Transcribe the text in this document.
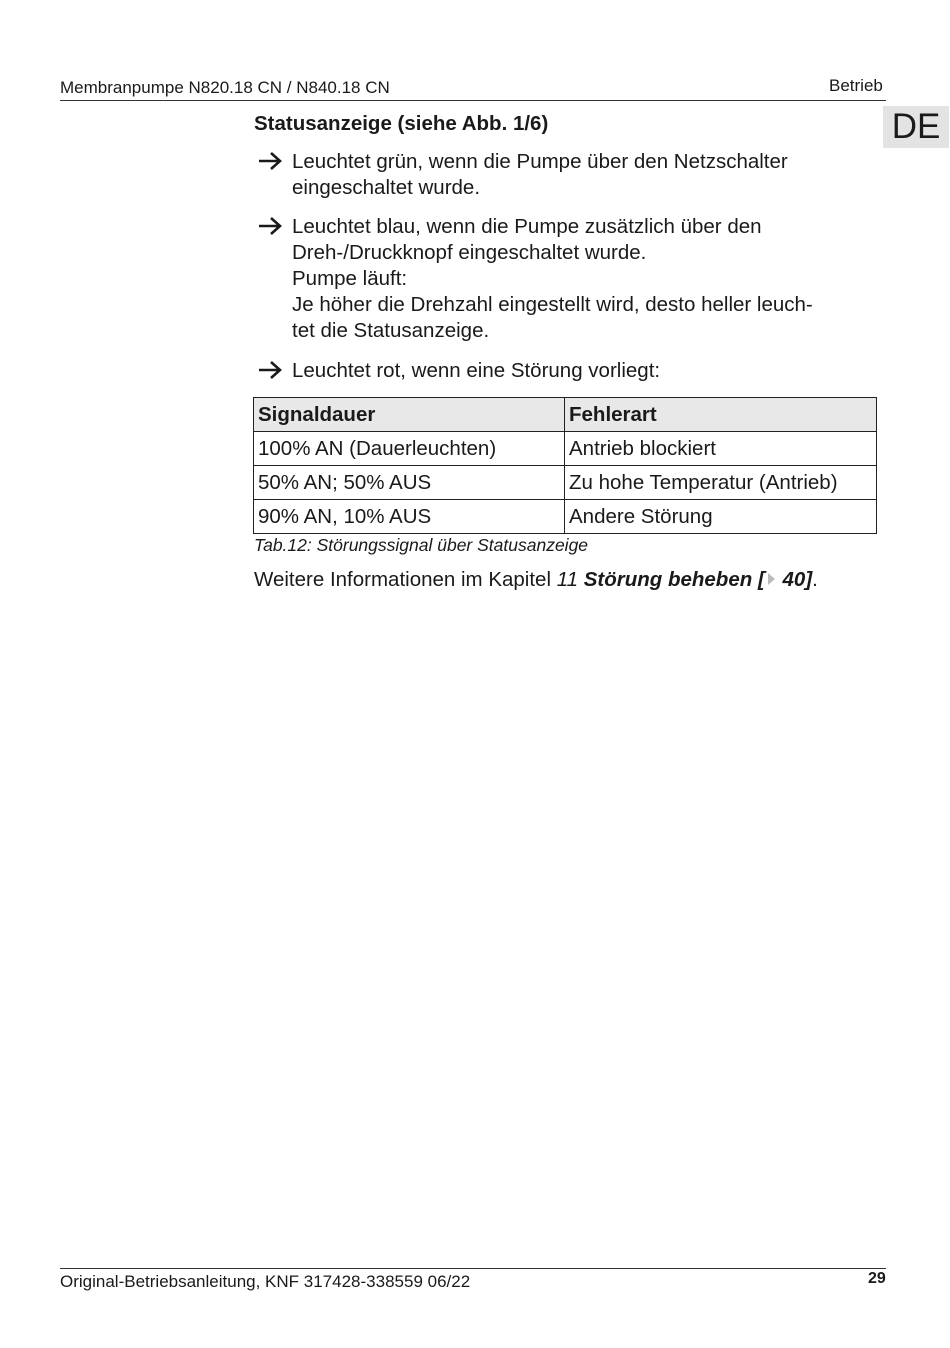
Membranpumpe N820.18 CN / N840.18 CN	Betrieb
DE
Statusanzeige (siehe Abb. 1/6)
Leuchtet grün, wenn die Pumpe über den Netzschalter
eingeschaltet wurde.
Leuchtet blau, wenn die Pumpe zusätzlich über den
Dreh-/Druckknopf eingeschaltet wurde.
Pumpe läuft:
Je höher die Drehzahl eingestellt wird, desto heller leuch-
tet die Statusanzeige.
Leuchtet rot, wenn eine Störung vorliegt:
Signaldauer	Fehlerart
100% AN (Dauerleuchten)	Antrieb blockiert
50% AN; 50% AUS	Zu hohe Temperatur (Antrieb)
90% AN, 10% AUS	Andere Störung
Tab.12: Störungssignal über Statusanzeige
Weitere Informationen im Kapitel 11 Störung beheben [ 40].
Original-Betriebsanleitung, KNF 317428-338559 06/22	29
